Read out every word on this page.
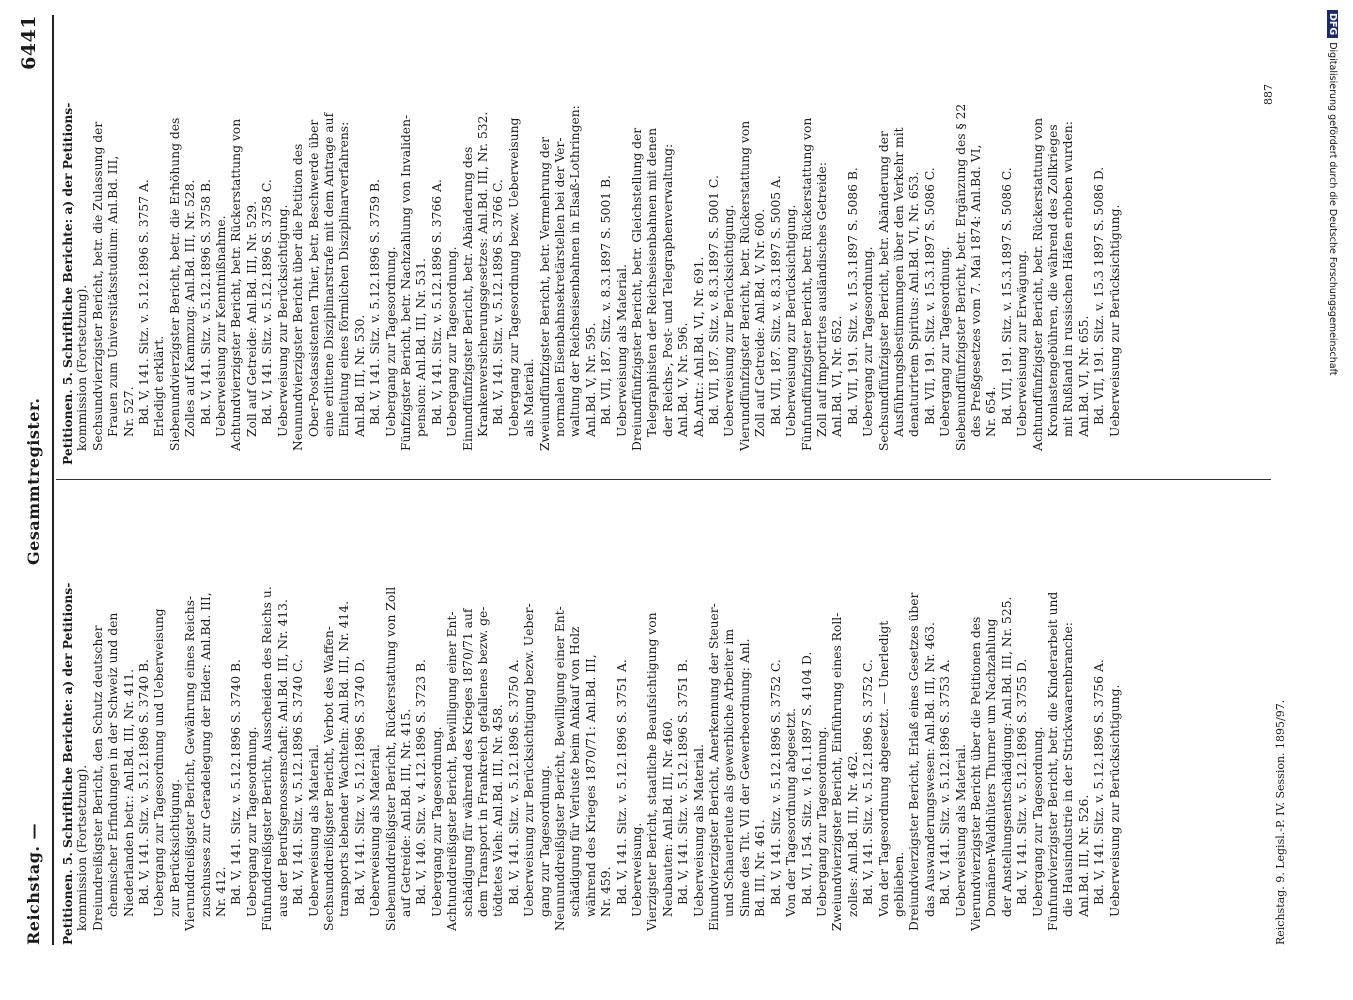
Reichstag. —
Gesammtregister.
6441
Petitionen. 5. Schriftliche Berichte: a) der Petitions- kommission (Fortsetzung). Dreiundreißigster Bericht, den Schutz deutscher chemischer Erfindungen in der Schweiz und den Niederlanden betr.: Anl.Bd. III, Nr. 411. Bd. V, 141. Sitz. v. 5.12.1896 S. 3740 B. Uebergang zur Tagesordnung und Ueberweisung zur Berücksichtigung. Vierunddreißigster Bericht, Gewährung eines Reichs- zuschusses zur Geradelegung der Eider: Anl.Bd. III, Nr. 412. Bd. V, 141. Sitz. v. 5.12.1896 S. 3740 B. Uebergang zur Tagesordnung. Fünfunddreißigster Bericht, Ausscheiden des Reichs u. aus der Berufsgenossenschaft: Anl.Bd. III, Nr. 413. Bd. V, 141. Sitz. v. 5.12.1896 S. 3740 C. Ueberweisung als Material. Sechsunddreißigster Bericht, Verbot des Waffen- transports lebender Wachteln: Anl.Bd. III, Nr. 414. Bd. V, 141. Sitz. v. 5.12.1896 S. 3740 D. Ueberweisung als Material. Siebenunddreißigster Bericht, Rückerstattung von Zoll auf Getreide: Anl.Bd. III, Nr. 415. Bd. V, 140. Sitz. v. 4.12.1896 S. 3723 B. Uebergang zur Tagesordnung. Achtunddreißigster Bericht, Bewilligung einer Ent- schädigung für während des Krieges 1870/71 auf dem Transport in Frankreich gefallenes bezw. ge- tödtetes Vieh: Anl.Bd. III, Nr. 458. Bd. V, 141. Sitz. v. 5.12.1896 S. 3750 A. Ueberweisung zur Berücksichtigung bezw. Ueber- gang zur Tagesordnung. Neununddreißigster Bericht, Bewilligung einer Ent- schädigung für Verluste beim Ankauf von Holz während des Krieges 1870/71: Anl.Bd. III, Nr. 459. Bd. V, 141. Sitz. v. 5.12.1896 S. 3751 A. Ueberweisung. Vierzigster Bericht, staatliche Beaufsichtigung von Neubauten: Anl.Bd. III, Nr. 460. Bd. V, 141. Sitz. v. 5.12.1896 S. 3751 B. Ueberweisung als Material. Einundvierzigster Bericht, Anerkennung der Steuer- und Schauerleute als gewerbliche Arbeiter im Sinne des Tit. VII der Gewerbeordnung: Anl. Bd. III, Nr. 461. Bd. V, 141. Sitz. v. 5.12.1896 S. 3752 C. Von der Tagesordnung abgesetzt. Bd. VI, 154. Sitz. v. 16.1.1897 S. 4104 D. Uebergang zur Tagesordnung. Zweiundvierzigster Bericht, Einführung eines Roll- zolles: Anl.Bd. III, Nr. 462. Bd. V, 141. Sitz. v. 5.12.1896 S. 3752 C. Von der Tagesordnung abgesetzt. — Unerledigt geblieben. Dreiundvierzigster Bericht, Erlaß eines Gesetzes über das Auswanderungswesen: Anl.Bd. III, Nr. 463. Bd. V, 141. Sitz. v. 5.12.1896 S. 3753 A. Ueberweisung als Material. Vierundvierzigster Bericht über die Petitionen des Domänen-Waldhüters Thurner um Nachzahlung der Anstellungsentschädigung: Anl.Bd. III, Nr. 525. Bd. V, 141. Sitz. v. 5.12.1896 S. 3755 D. Uebergang zur Tagesordnung. Fünfundvierzigster Bericht, betr. die Kinderarbeit und die Hausindustrie in der Strickwaarenbranche: Anl.Bd. III, Nr. 526. Bd. V, 141. Sitz. v. 5.12.1896 S. 3756 A. Ueberweisung zur Berücksichtigung.
Petitionen. 5. Schriftliche Berichte: a) der Petitions- kommission (Fortsetzung). Sechsundvierzigster Bericht, betr. die Zulassung der Frauen zum Universitätsstudium: Anl.Bd. III, Nr. 527. Bd. V, 141. Sitz. v. 5.12.1896 S. 3757 A. Erledigt erklärt. Siebenundvierzigster Bericht, betr. die Erhöhung des Zolles auf Kammzug: Anl.Bd. III, Nr. 528. Bd. V, 141. Sitz. v. 5.12.1896 S. 3758 B. Ueberweisung zur Kenntnißnahme. Achtundvierzigster Bericht, betr. Rückerstattung von Zoll auf Getreide: Anl.Bd. III, Nr. 529. Bd. V, 141. Sitz. v. 5.12.1896 S. 3758 C. Ueberweisung zur Berücksichtigung. Neunundvierzigster Bericht über die Petition des Ober-Postassistenten Thier, betr. Beschwerde über eine erlittene Disziplinarstrafe mit dem Antrage auf Einleitung eines förmlichen Disziplinarverfahrens: Anl.Bd. III, Nr. 530. Bd. V, 141. Sitz. v. 5.12.1896 S. 3759 B. Uebergang zur Tagesordnung. Fünfzigster Bericht, betr. Nachzahlung von Invaliden- pension: Anl.Bd. III, Nr. 531. Bd. V, 141. Sitz. v. 5.12.1896 S. 3766 A. Uebergang zur Tagesordnung. Einundfünfzigster Bericht, betr. Abänderung des Krankenversicherungsgesetzes: Anl.Bd. III, Nr. 532. Bd. V, 141. Sitz. v. 5.12.1896 S. 3766 C. Uebergang zur Tagesordnung bezw. Ueberweisung als Material. Zweiundfünfzigster Bericht, betr. Vermehrung der normalen Eisenbahnsekretärstellen bei der Ver- waltung der Reichseisenbahnen in Elsaß-Lothringen: Anl.Bd. V, Nr. 595. Bd. VII, 187. Sitz. v. 8.3.1897 S. 5001 B. Ueberweisung als Material. Dreiundfünfzigster Bericht, betr. Gleichstellung der Telegraphisten der Reichseisenbahnen mit denen der Reichs-, Post- und Telegraphenverwaltung: Anl.Bd. V, Nr. 596. Ab.Antr.: Anl.Bd. VI, Nr. 691. Bd. VII, 187. Sitz. v. 8.3.1897 S. 5001 C. Ueberweisung zur Berücksichtigung. Vierundfünfzigster Bericht, betr. Rückerstattung von Zoll auf Getreide: Anl.Bd. V, Nr. 600. Bd. VII, 187. Sitz. v. 8.3.1897 S. 5005 A. Ueberweisung zur Berücksichtigung. Fünfundfünfzigster Bericht, betr. Rückerstattung von Zoll auf importirtes ausländisches Getreide: Anl.Bd. VI, Nr. 652. Bd. VII, 191. Sitz. v. 15.3.1897 S. 5086 B. Uebergang zur Tagesordnung. Sechsundfünfzigster Bericht, betr. Abänderung der Ausführungsbestimmungen über den Verkehr mit denaturirtem Spiritus: Anl.Bd. VI, Nr. 653. Bd. VII, 191. Sitz. v. 15.3.1897 S. 5086 C. Uebergang zur Tagesordnung. Siebenundfünfzigster Bericht, betr. Ergänzung des § 22 des Preßgesetzes vom 7. Mai 1874: Anl.Bd. VI, Nr. 654. Bd. VII, 191. Sitz. v. 15.3.1897 S. 5086 C. Ueberweisung zur Erwägung. Achtundfünfzigster Bericht, betr. Rückerstattung von Kronlastengebühren, die während des Zollkrieges mit Rußland in russischen Häfen erhoben wurden: Anl.Bd. VI, Nr. 655. Bd. VII, 191. Sitz. v. 15.3 1897 S. 5086 D. Ueberweisung zur Berücksichtigung.
Reichstag. 9. Legisl.-P. IV. Session. 1895/97.
887
DFGDigitalisierung gefördert durch die Deutsche Forschungsgemeinschaft
